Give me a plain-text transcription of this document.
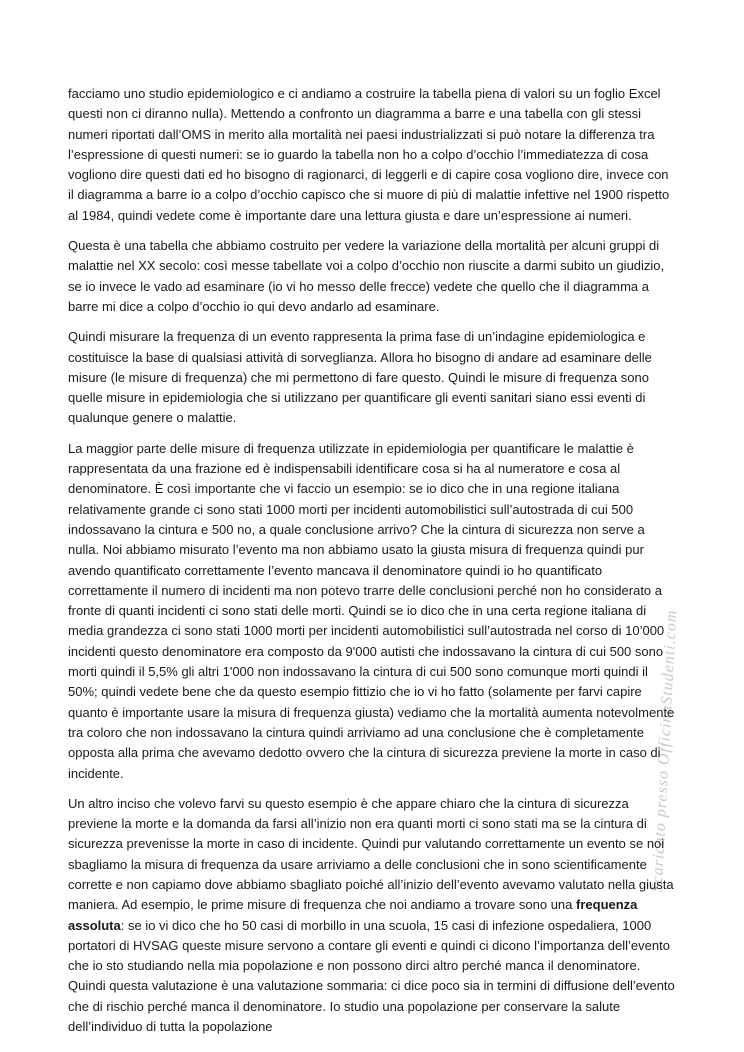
Scaricato presso OfficinaStudenti.com

facciamo uno studio epidemiologico e ci andiamo a costruire la tabella piena di valori su un foglio Excel questi non ci diranno nulla). Mettendo a confronto un diagramma a barre e una tabella con gli stessi numeri riportati dall’OMS in merito alla mortalità nei paesi industrializzati si può notare la differenza tra l’espressione di questi numeri: se io guardo la tabella non ho a colpo d’occhio l’immediatezza di cosa vogliono dire questi dati ed ho bisogno di ragionarci, di leggerli e di capire cosa vogliono dire, invece con il diagramma a barre io a colpo d’occhio capisco che si muore di più di malattie infettive nel 1900 rispetto al 1984, quindi vedete come è importante dare una lettura giusta e dare un’espressione ai numeri.

Questa è una tabella che abbiamo costruito per vedere la variazione della mortalità per alcuni gruppi di malattie nel XX secolo: così messe tabellate voi a colpo d’occhio non riuscite a darmi subito un giudizio, se io invece le vado ad esaminare (io vi ho messo delle frecce) vedete che quello che il diagramma a barre mi dice a colpo d’occhio io qui devo andarlo ad esaminare.

Quindi misurare la frequenza di un evento rappresenta la prima fase di un’indagine epidemiologica e costituisce la base di qualsiasi attività di sorveglianza. Allora ho bisogno di andare ad esaminare delle misure (le misure di frequenza) che mi permettono di fare questo. Quindi le misure di frequenza sono quelle misure in epidemiologia che si utilizzano per quantificare gli eventi sanitari siano essi eventi di qualunque genere o malattie.

La maggior parte delle misure di frequenza utilizzate in epidemiologia per quantificare le malattie è rappresentata da una frazione ed è indispensabili identificare cosa si ha al numeratore e cosa al denominatore. È così importante che vi faccio un esempio: se io dico che in una regione italiana relativamente grande ci sono stati 1000 morti per incidenti automobilistici sull’autostrada di cui 500 indossavano la cintura e 500 no, a quale conclusione arrivo? Che la cintura di sicurezza non serve a nulla. Noi abbiamo misurato l’evento ma non abbiamo usato la giusta misura di frequenza quindi pur avendo quantificato correttamente l’evento mancava il denominatore quindi io ho quantificato correttamente il numero di incidenti ma non potevo trarre delle conclusioni perché non ho considerato a fronte di quanti incidenti ci sono stati delle morti. Quindi se io dico che in una certa regione italiana di media grandezza ci sono stati 1000 morti per incidenti automobilistici sull’autostrada nel corso di 10’000 incidenti questo denominatore era composto da 9'000 autisti che indossavano la cintura di cui 500 sono morti quindi il 5,5% gli altri 1'000 non indossavano la cintura di cui 500 sono comunque morti quindi il 50%; quindi vedete bene che da questo esempio fittizio che io vi ho fatto (solamente per farvi capire quanto è importante usare la misura di frequenza giusta) vediamo che la mortalità aumenta notevolmente tra coloro che non indossavano la cintura quindi arriviamo ad una conclusione che è completamente opposta alla prima che avevamo dedotto ovvero che la cintura di sicurezza previene la morte in caso di incidente.

Un altro inciso che volevo farvi su questo esempio è che appare chiaro che la cintura di sicurezza previene la morte e la domanda da farsi all’inizio non era quanti morti ci sono stati ma se la cintura di sicurezza prevenisse la morte in caso di incidente. Quindi pur valutando correttamente un evento se noi sbagliamo la misura di frequenza da usare arriviamo a delle conclusioni che in sono scientificamente corrette e non capiamo dove abbiamo sbagliato poiché all’inizio dell’evento avevamo valutato nella giusta maniera. Ad esempio, le prime misure di frequenza che noi andiamo a trovare sono una frequenza assoluta: se io vi dico che ho 50 casi di morbillo in una scuola, 15 casi di infezione ospedaliera, 1000 portatori di HVSAG queste misure servono a contare gli eventi e quindi ci dicono l’importanza dell’evento che io sto studiando nella mia popolazione e non possono dirci altro perché manca il denominatore. Quindi questa valutazione è una valutazione sommaria: ci dice poco sia in termini di diffusione dell’evento che di rischio perché manca il denominatore. Io studio una popolazione per conservare la salute dell’individuo di tutta la popolazione
